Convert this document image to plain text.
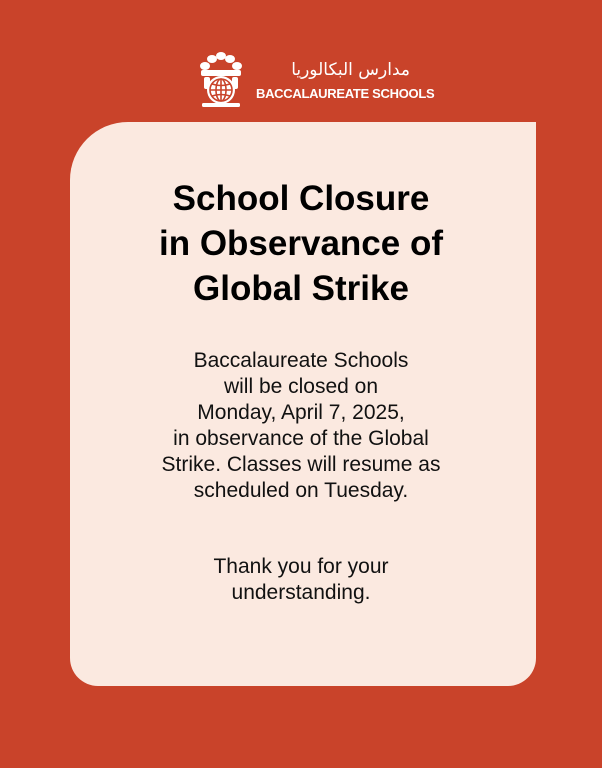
مدارس البكالوريا
BACCALAUREATE SCHOOLS
School Closure
in Observance of
Global Strike

Baccalaureate Schools
will be closed on
Monday, April 7, 2025,
in observance of the Global
Strike. Classes will resume as
scheduled on Tuesday.

Thank you for your
understanding.
